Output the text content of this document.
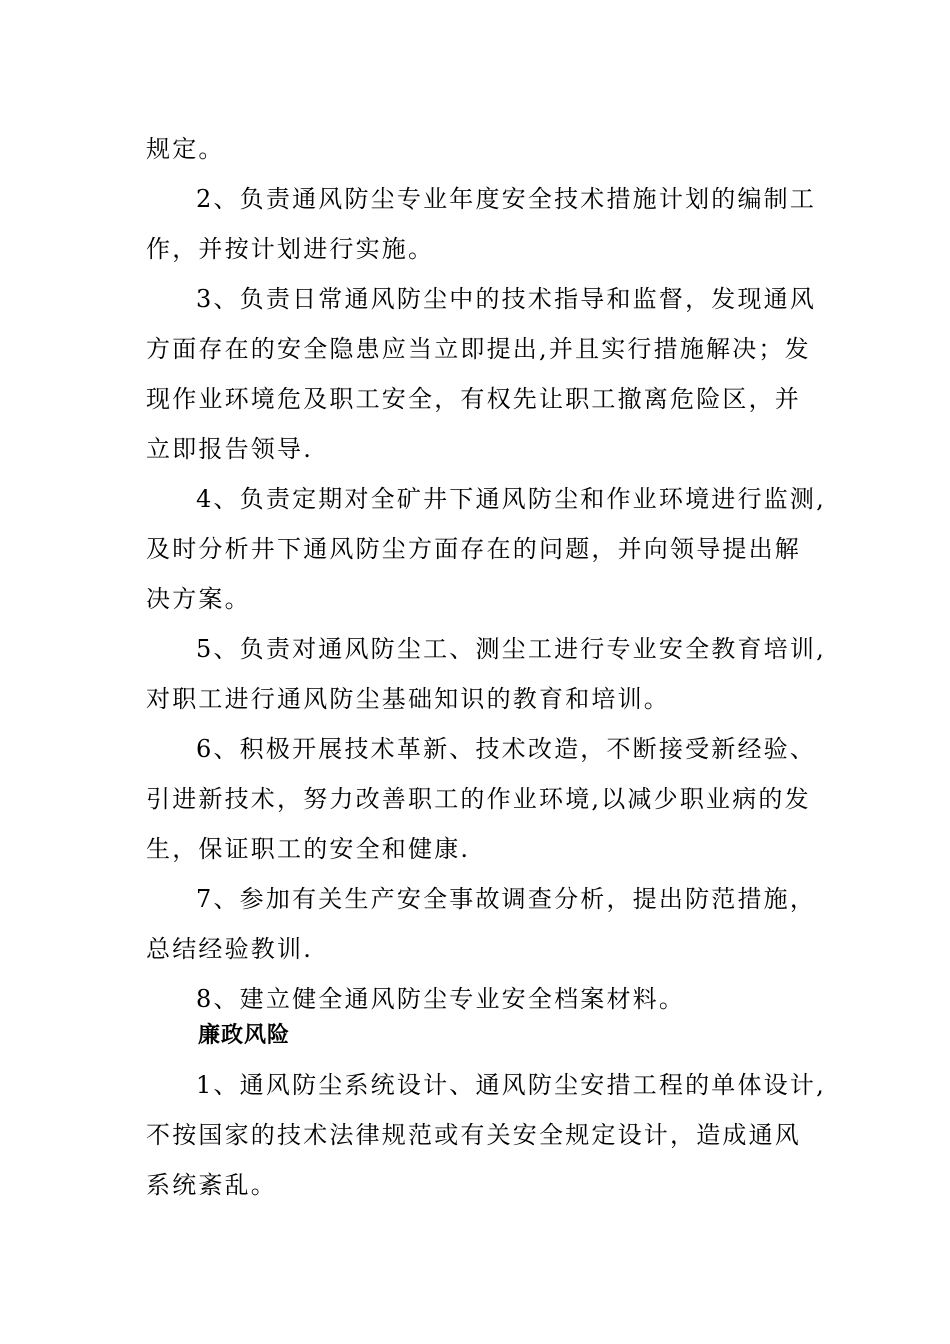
规定。

2、负责通风防尘专业年度安全技术措施计划的编制工

作，并按计划进行实施。

3、负责日常通风防尘中的技术指导和监督，发现通风

方面存在的安全隐患应当立即提出,并且实行措施解决；发

现作业环境危及职工安全，有权先让职工撤离危险区，并

立即报告领导.

4、负责定期对全矿井下通风防尘和作业环境进行监测,

及时分析井下通风防尘方面存在的问题，并向领导提出解

决方案。

5、负责对通风防尘工、测尘工进行专业安全教育培训,

对职工进行通风防尘基础知识的教育和培训。

6、积极开展技术革新、技术改造，不断接受新经验、

引进新技术，努力改善职工的作业环境,以减少职业病的发

生，保证职工的安全和健康.

7、参加有关生产安全事故调查分析，提出防范措施，

总结经验教训.

8、建立健全通风防尘专业安全档案材料。

廉政风险

1、通风防尘系统设计、通风防尘安措工程的单体设计,

不按国家的技术法律规范或有关安全规定设计，造成通风

系统紊乱。
